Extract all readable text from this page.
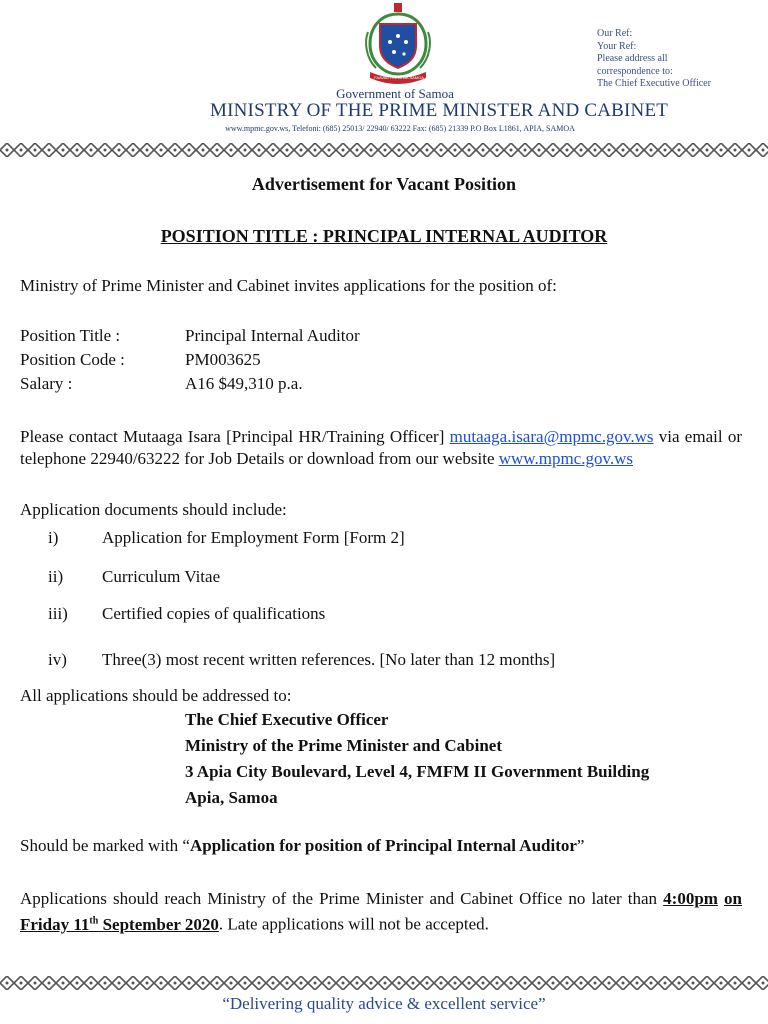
FAAVAE I LE ATUA SAMOA
Government of Samoa
MINISTRY OF THE PRIME MINISTER AND CABINET
www.mpmc.gov.ws, Telefoni: (685) 25013/ 22940/ 63222 Fax: (685) 21339 P.O Box L1861, APIA, SAMOA
Our Ref:
Your Ref:
Please address all
correspondence to:
The Chief Executive Officer
Advertisement for Vacant Position
POSITION TITLE : PRINCIPAL INTERNAL AUDITOR
Ministry of Prime Minister and Cabinet invites applications for the position of:
Position Title :	Principal Internal Auditor
Position Code :	PM003625
Salary :	A16 $49,310 p.a.
Please contact Mutaaga Isara [Principal HR/Training Officer] mutaaga.isara@mpmc.gov.ws via email or telephone 22940/63222 for Job Details or download from our website www.mpmc.gov.ws
Application documents should include:
i)	Application for Employment Form [Form 2]
ii) Curriculum Vitae
iii) Certified copies of qualifications
iv) Three(3) most recent written references. [No later than 12 months]
All applications should be addressed to:
The Chief Executive Officer
Ministry of the Prime Minister and Cabinet
3 Apia City Boulevard, Level 4, FMFM II Government Building
Apia, Samoa
Should be marked with “Application for position of Principal Internal Auditor”
Applications should reach Ministry of the Prime Minister and Cabinet Office no later than 4:00pm on Friday 11th September 2020. Late applications will not be accepted.
“Delivering quality advice & excellent service”
